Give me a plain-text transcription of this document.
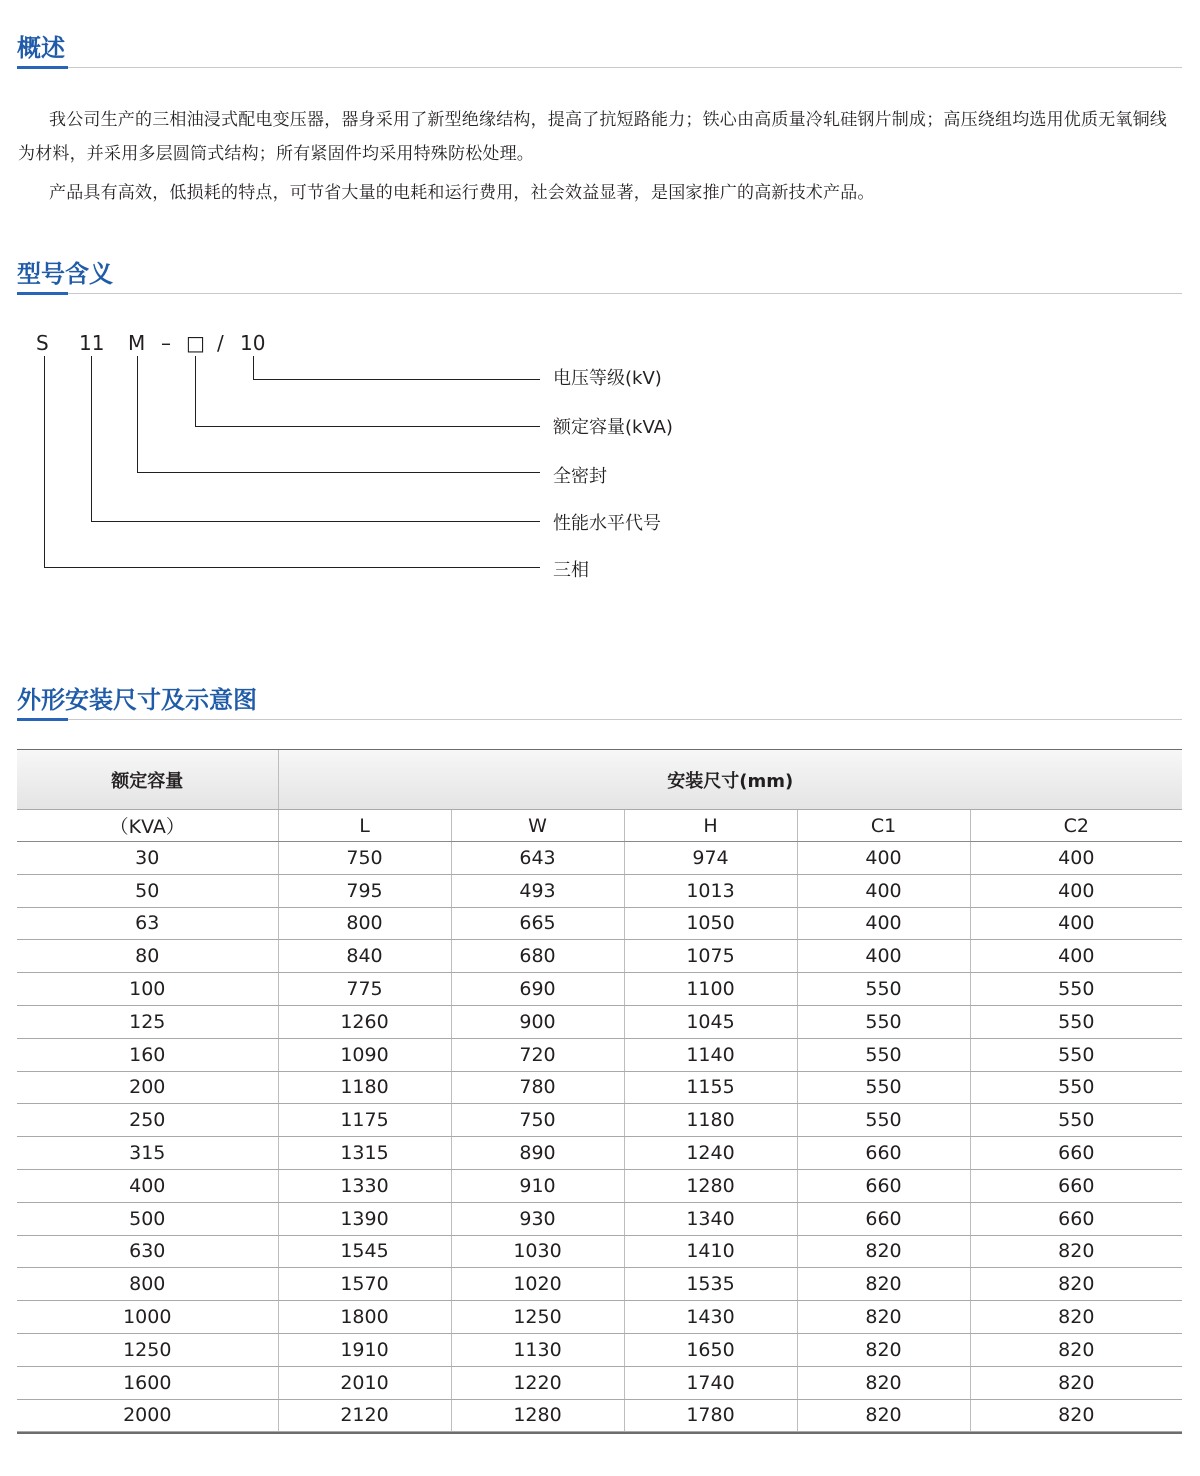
概述

我公司生产的三相油浸式配电变压器，器身采用了新型绝缘结构，提高了抗短路能力；铁心由高质量冷轧硅钢片制成；高压绕组均选用优质无氧铜线为材料，并采用多层圆筒式结构；所有紧固件均采用特殊防松处理。

产品具有高效，低损耗的特点，可节省大量的电耗和运行费用，社会效益显著，是国家推广的高新技术产品。

型号含义
S 11 M – □ / 10
电压等级(kV)
额定容量(kVA)
全密封
性能水平代号
三相
外形安装尺寸及示意图
额定容量	安装尺寸(mm)				
（KVA）	L	W	H	C1	C2
30	750	643	974	400	400
50	795	493	1013	400	400
63	800	665	1050	400	400
80	840	680	1075	400	400
100	775	690	1100	550	550
125	1260	900	1045	550	550
160	1090	720	1140	550	550
200	1180	780	1155	550	550
250	1175	750	1180	550	550
315	1315	890	1240	660	660
400	1330	910	1280	660	660
500	1390	930	1340	660	660
630	1545	1030	1410	820	820
800	1570	1020	1535	820	820
1000	1800	1250	1430	820	820
1250	1910	1130	1650	820	820
1600	2010	1220	1740	820	820
2000	2120	1280	1780	820	820
